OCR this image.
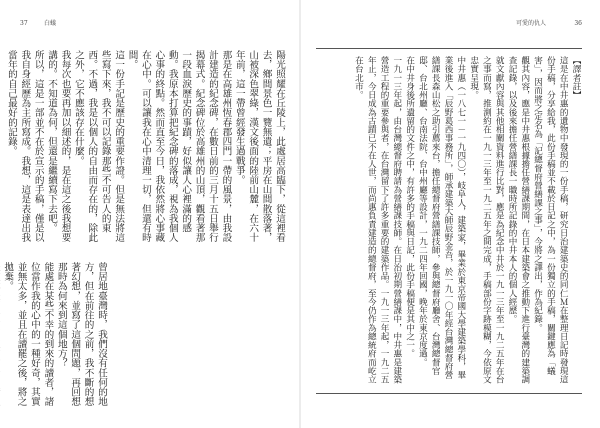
37	白蟻
陽光照耀在丘陵上，此處居高臨下，從這裡看去，鄉間景色一覽無遺；平房在山間散落著，山被深色翠綠，漢文後面的陸前山麓，在六十年前，這一帶曾經發生過戰爭。
那是在高雄州恆春郡四門一帶的風景，由我設計建造的紀念碑，在數日前的三月十五日舉行揭幕式。紀念碑位於高雄州的山頂，觀看著那一段血淚歷史的事蹟，好似讓人心裡滿的感動。我原本打算把紀念碑的落成，視為我個人心事的終點。然而直至今日，我依然將心事藏在心中。可以讓我在心中清理一切，但還有時間。
這一份手記是歷史的重要作證。但是無法將這些寫下來，我不可以記錄那些不可告人的東西。不過，我是以個人的自由而存在的，除此之外，它不應該存在什麼。
我每次也要再加以細述的，是在這之後我想要講的。不知道為何，但還是繼續寫下去吧。
所以，這是一部並不在於宣示的手稿，僅是以我自身經歷為主所寫成。我想，這是表達出我當年的自己最好的記錄。
曾居地臺灣時，我們沒有任何的地方，但在前往的之前，我不斷的想著幻想，並寫了這個問題，再回想那時為何來到這個地方？
能處在某些不幸的到來的讀者，諸位當作我的心中的一種好奇，其實並無太多，並且在讀罷之後，將之拋棄。
可愛的仇人	36
【譯者註】
這是在中井惠的遺物中發現的一份手稿，研究日治建築史的同仁Ｍ在整理日記時發現這份手稿，分享給我，此份手稿並不載於日記之中，為一份獨立的手稿，關鍵應為「蟻害」，因而將之定名為「記總督府營繕課之事」，今將之譯出，作為紀錄。
觀其內容，應是中井惠根據擔任營繕課期間，在日本建築會之推動下進行臺灣的建築調查記錄，以及後來擔任營繕課長一職時所記錄的中井本人的個人經歷。
就文獻內容與其他相關資料進行比對，應是為紀念中井於一九一三年至一九二五年在台之事而寫，推測約在一九一三年至一九二五年之間完成，手稿部份字跡模糊，今依原文忠實呈現。
中井惠（一八七一－一九四〇），岐阜人，建築家，畢業於東京帝國大學建築學科，畢業後進入「辰野葛西事務所」，師承建築大師辰野金吾，於一九一〇年經台灣總督府營繕課長森山松之助引薦來台，擔任總督府營繕課技師，參與總督府廳舍、台灣總督官邸、台北州廳、台南法院、台中州廳等設計，一九二四年回國，晚年於東京度過。
在中井身後所遺留的文件之中，有許多的手稿與日記，此份手稿便是其中之一。
一九一三年起，由台灣總督府聘請為營繕課技師。在日治初期營繕課中，中井惠是建築營造工程的重要參與者，在台灣留下了許多重要的建築作品。一九一三年起，一九二五年止，今日成為古蹟已不在人世，而尚惠負責建造的總督府，至今仍作為總統府而屹立在台北市。
